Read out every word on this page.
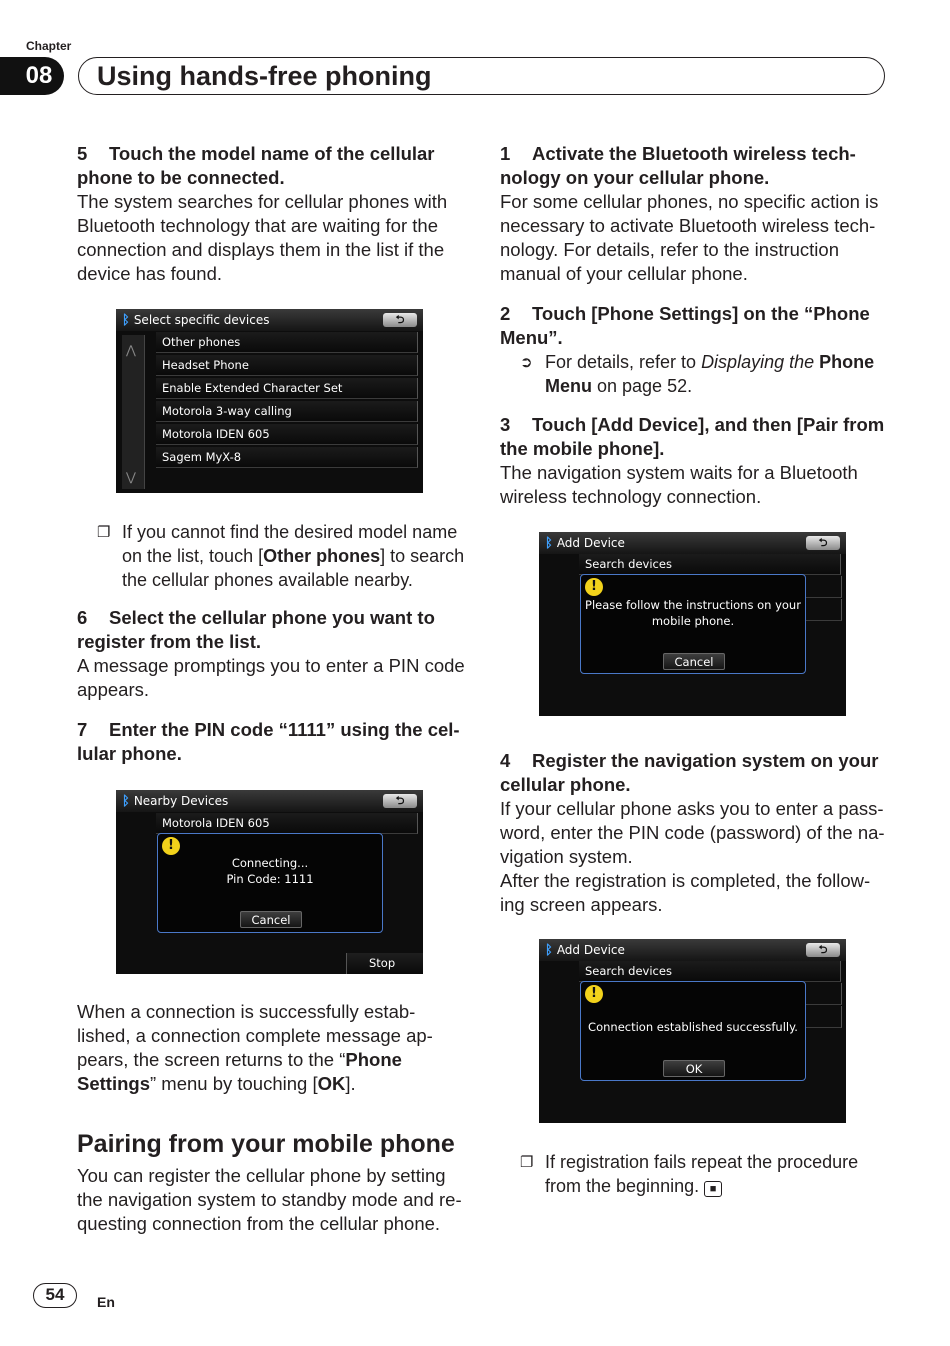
Chapter
08	Using hands-free phoning
5 Touch the model name of the cellular phone to be connected.
The system searches for cellular phones with Bluetooth technology that are waiting for the connection and displays them in the list if the device has found.
ᛒ Select specific devices	⮌
⋀
⋁
Other phones
Headset Phone
Enable Extended Character Set
Motorola 3-way calling
Motorola IDEN 605
Sagem MyX-8
❐ If you cannot find the desired model name on the list, touch [Other phones] to search the cellular phones available nearby.
6 Select the cellular phone you want to register from the list.
A message promptings you to enter a PIN code appears.
7 Enter the PIN code “1111” using the cel-lular phone.
ᛒ Nearby Devices	⮌
Motorola IDEN 605
!
Connecting...
Pin Code: 1111
Cancel
Stop
When a connection is successfully estab-lished, a connection complete message ap-pears, the screen returns to the “Phone Settings” menu by touching [OK].
Pairing from your mobile phone
You can register the cellular phone by setting the navigation system to standby mode and re-questing connection from the cellular phone.
1 Activate the Bluetooth wireless tech-nology on your cellular phone.
For some cellular phones, no specific action is necessary to activate Bluetooth wireless tech-nology. For details, refer to the instruction manual of your cellular phone.
2 Touch [Phone Settings] on the “Phone Menu”.
➲ For details, refer to Displaying the Phone Menu on page 52.
3 Touch [Add Device], and then [Pair from the mobile phone].
The navigation system waits for a Bluetooth wireless technology connection.
ᛒ Add Device	⮌
Search devices
!
Please follow the instructions on your
mobile phone.
Cancel
4 Register the navigation system on your cellular phone.
If your cellular phone asks you to enter a pass-word, enter the PIN code (password) of the na-vigation system.
After the registration is completed, the follow-ing screen appears.
ᛒ Add Device	⮌
Search devices
!
Connection established successfully.
OK
❐ If registration fails repeat the procedure from the beginning. ■
54	En
